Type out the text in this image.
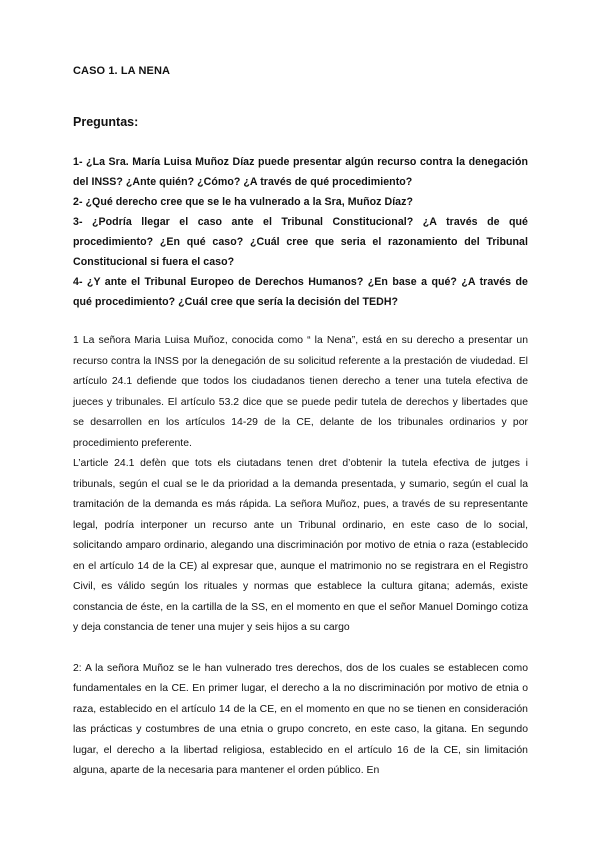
CASO 1. LA NENA

Preguntas:

1- ¿La Sra. María Luisa Muñoz Díaz puede presentar algún recurso contra la denegación del INSS? ¿Ante quién? ¿Cómo? ¿A través de qué procedimiento?

2- ¿Qué derecho cree que se le ha vulnerado a la Sra, Muñoz Díaz?

3- ¿Podría llegar el caso ante el Tribunal Constitucional? ¿A través de qué procedimiento? ¿En qué caso? ¿Cuál cree que seria el razonamiento del Tribunal Constitucional si fuera el caso?

4- ¿Y ante el Tribunal Europeo de Derechos Humanos? ¿En base a qué? ¿A través de qué procedimiento? ¿Cuál cree que sería la decisión del TEDH?

1 La señora Maria Luisa Muñoz, conocida como “ la Nena”, está en su derecho a presentar un recurso contra la INSS por la denegación de su solicitud referente a la prestación de viudedad. El artículo 24.1 defiende que todos los ciudadanos tienen derecho a tener una tutela efectiva de jueces y tribunales. El artículo 53.2 dice que se puede pedir tutela de derechos y libertades que se desarrollen en los artículos 14-29 de la CE, delante de los tribunales ordinarios y por procedimiento preferente.

L’article 24.1 defèn que tots els ciutadans tenen dret d’obtenir la tutela efectiva de jutges i tribunals, según el cual se le da prioridad a la demanda presentada, y sumario, según el cual la tramitación de la demanda es más rápida. La señora Muñoz, pues, a través de su representante legal, podría interponer un recurso ante un Tribunal ordinario, en este caso de lo social, solicitando amparo ordinario, alegando una discriminación por motivo de etnia o raza (establecido en el artículo 14 de la CE) al expresar que, aunque el matrimonio no se registrara en el Registro Civil, es válido según los rituales y normas que establece la cultura gitana; además, existe constancia de éste, en la cartilla de la SS, en el momento en que el señor Manuel Domingo cotiza y deja constancia de tener una mujer y seis hijos a su cargo

2: A la señora Muñoz se le han vulnerado tres derechos, dos de los cuales se establecen como fundamentales en la CE. En primer lugar, el derecho a la no discriminación por motivo de etnia o raza, establecido en el artículo 14 de la CE, en el momento en que no se tienen en consideración las prácticas y costumbres de una etnia o grupo concreto, en este caso, la gitana. En segundo lugar, el derecho a la libertad religiosa, establecido en el artículo 16 de la CE, sin limitación alguna, aparte de la necesaria para mantener el orden público. En
